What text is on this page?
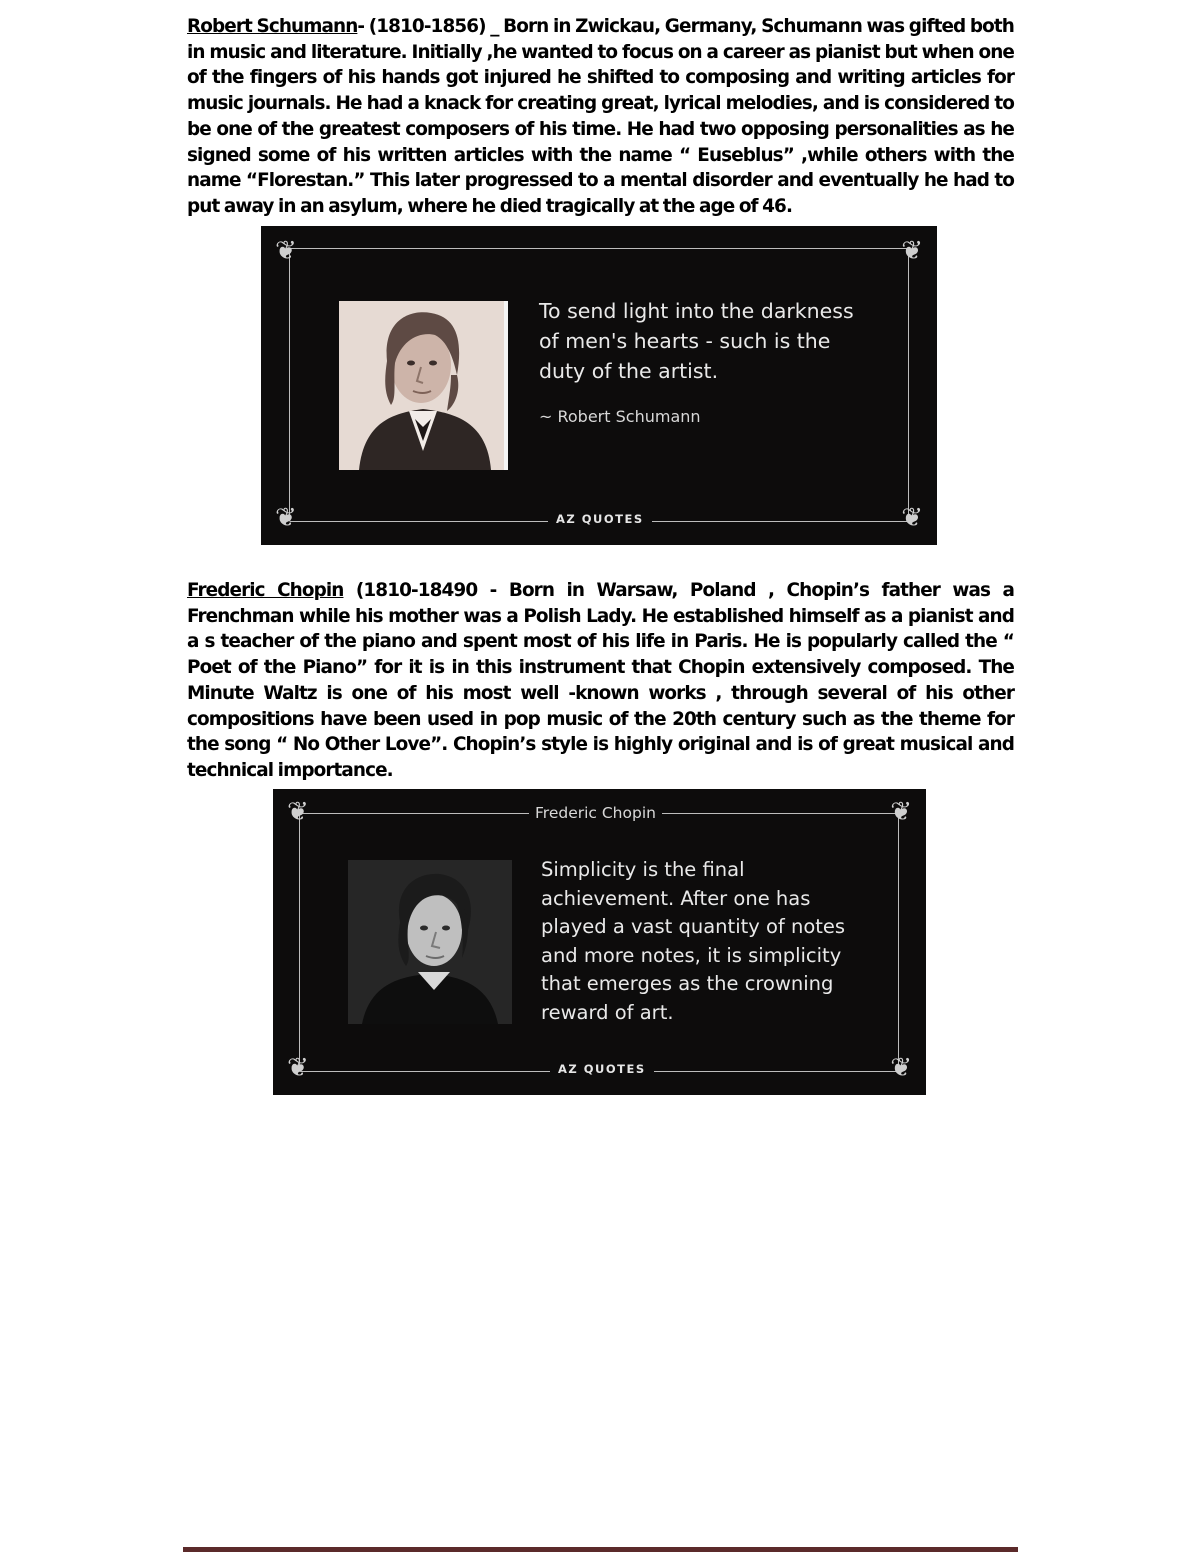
Robert Schumann- (1810-1856) _ Born in Zwickau, Germany, Schumann was gifted both in music and literature. Initially ,he wanted to focus on a career as pianist but when one of the fingers of his hands got injured he shifted to composing and writing articles for music journals. He had a knack for creating great, lyrical melodies, and is considered to be one of the greatest composers of his time. He had two opposing personalities as he signed some of his written articles with the name “ Euseblus” ,while others with the name “Florestan.” This later progressed to a mental disorder and eventually he had to put away in an asylum, where he died tragically at the age of 46.
❦	❦
❦	❦
To send light into the darkness of men's hearts - such is the duty of the artist.
~ Robert Schumann
AZ QUOTES
Frederic Chopin (1810-18490 - Born in Warsaw, Poland , Chopin’s father was a Frenchman while his mother was a Polish Lady. He established himself as a pianist and a s teacher of the piano and spent most of his life in Paris. He is popularly called the “ Poet of the Piano” for it is in this instrument that Chopin extensively composed. The Minute Waltz is one of his most well -known works , through several of his other compositions have been used in pop music of the 20th century such as the theme for the song “ No Other Love”. Chopin’s style is highly original and is of great musical and technical importance.
❦	❦
❦	❦
Frederic Chopin
Simplicity is the final achievement. After one has played a vast quantity of notes and more notes, it is simplicity that emerges as the crowning reward of art.
AZ QUOTES
